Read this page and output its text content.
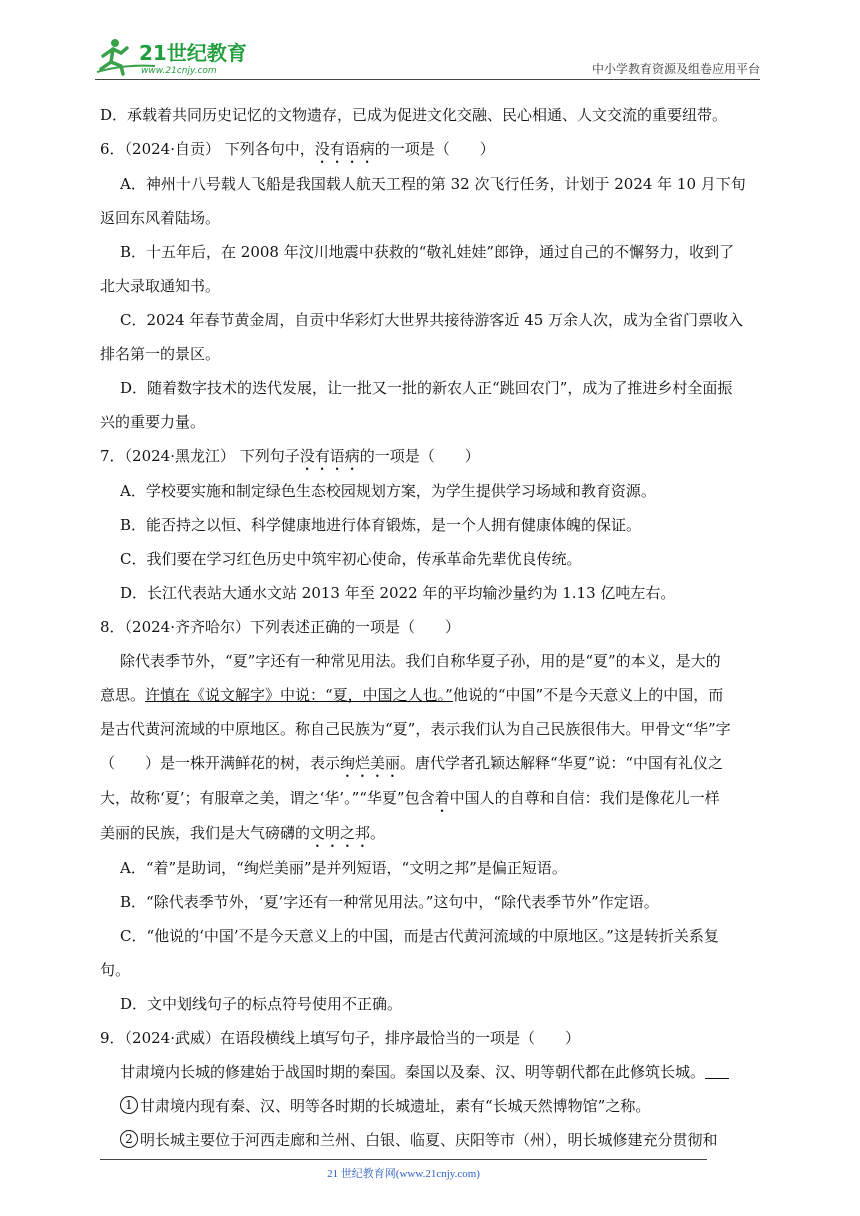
21世纪教育
www.21cnjy.com	中小学教育资源及组卷应用平台
D．承载着共同历史记忆的文物遗存，已成为促进文化交融、民心相通、人文交流的重要纽带。
6．（2024·自贡） 下列各句中，没有语病的一项是（　　）
A．神州十八号载人飞船是我国载人航天工程的第 32 次飞行任务，计划于 2024 年 10 月下旬
返回东风着陆场。
B．十五年后，在 2008 年汶川地震中获救的“敬礼娃娃”郎铮，通过自己的不懈努力，收到了
北大录取通知书。
C．2024 年春节黄金周，自贡中华彩灯大世界共接待游客近 45 万余人次，成为全省门票收入
排名第一的景区。
D．随着数字技术的迭代发展，让一批又一批的新农人正“跳回农门”，成为了推进乡村全面振
兴的重要力量。
7．（2024·黑龙江） 下列句子没有语病的一项是（　　）
A．学校要实施和制定绿色生态校园规划方案，为学生提供学习场域和教育资源。
B．能否持之以恒、科学健康地进行体育锻炼，是一个人拥有健康体魄的保证。
C．我们要在学习红色历史中筑牢初心使命，传承革命先辈优良传统。
D．长江代表站大通水文站 2013 年至 2022 年的平均输沙量约为 1.13 亿吨左右。
8．（2024·齐齐哈尔）下列表述正确的一项是（　　）
除代表季节外，“夏”字还有一种常见用法。我们自称华夏子孙，用的是“夏”的本义，是大的
意思。许慎在《说文解字》中说：“夏，中国之人也。”他说的“中国”不是今天意义上的中国，而
是古代黄河流域的中原地区。称自己民族为“夏”，表示我们认为自己民族很伟大。甲骨文“华”字
（　　）是一株开满鲜花的树，表示绚烂美丽。唐代学者孔颖达解释“华夏”说：“中国有礼仪之
大，故称‘夏’；有服章之美，谓之‘华’。”“华夏”包含着中国人的自尊和自信：我们是像花儿一样
美丽的民族，我们是大气磅礴的文明之邦。
A．“着”是助词，“绚烂美丽”是并列短语，“文明之邦”是偏正短语。
B．“除代表季节外，‘夏’字还有一种常见用法。”这句中，“除代表季节外”作定语。
C．“他说的‘中国’不是今天意义上的中国，而是古代黄河流域的中原地区。”这是转折关系复
句。
D．文中划线句子的标点符号使用不正确。
9．（2024·武威）在语段横线上填写句子，排序最恰当的一项是（　　）
甘肃境内长城的修建始于战国时期的秦国。秦国以及秦、汉、明等朝代都在此修筑长城。
1 甘肃境内现有秦、汉、明等各时期的长城遗址，素有“长城天然博物馆”之称。
2 明长城主要位于河西走廊和兰州、白银、临夏、庆阳等市（州），明长城修建充分贯彻和
21 世纪教育网(www.21cnjy.com)
